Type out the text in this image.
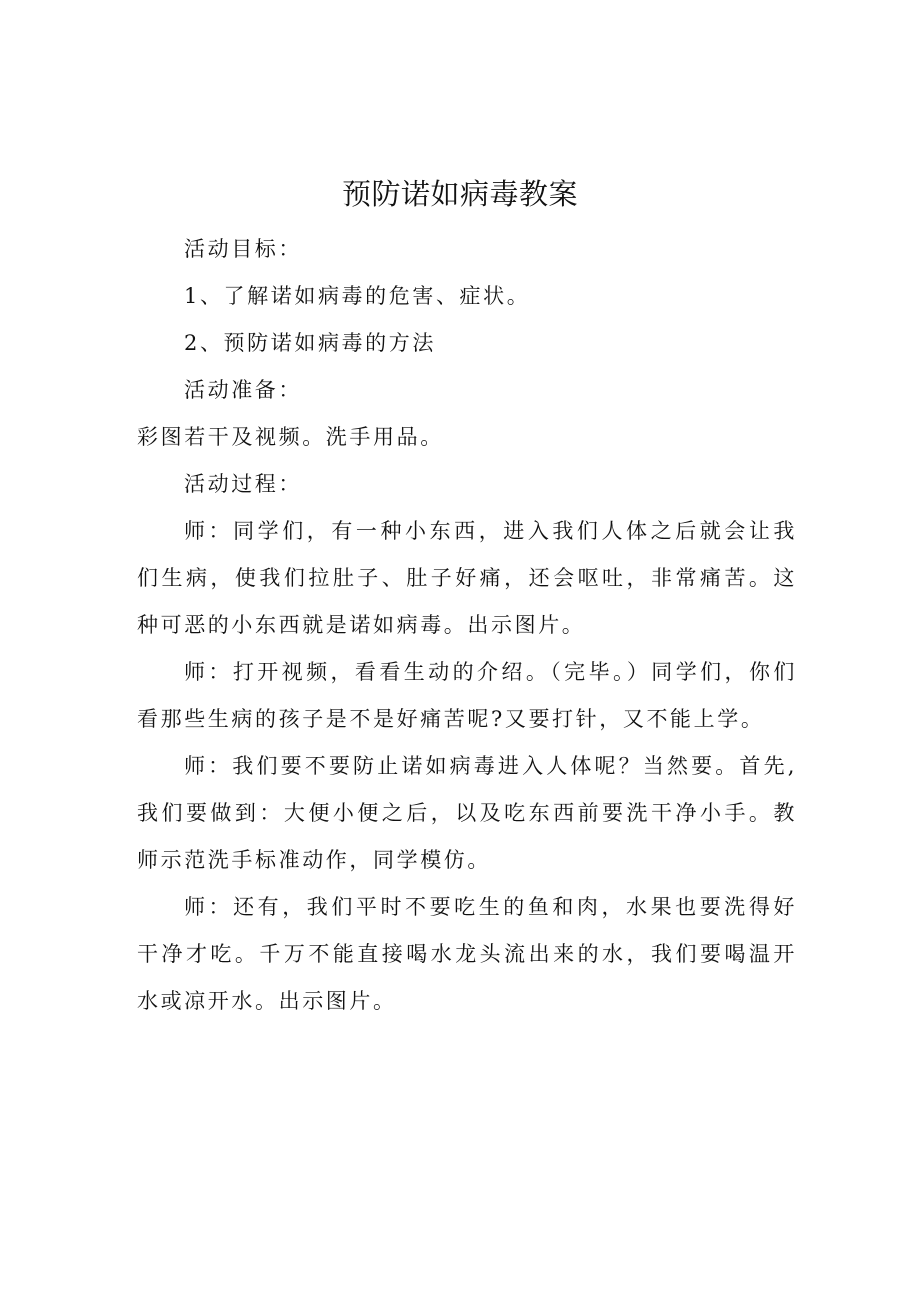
预防诺如病毒教案

活动目标：

1、了解诺如病毒的危害、症状。

2、预防诺如病毒的方法

活动准备：

彩图若干及视频。洗手用品。

活动过程：

师：同学们，有一种小东西，进入我们人体之后就会让我们生病，使我们拉肚子、肚子好痛，还会呕吐，非常痛苦。这种可恶的小东西就是诺如病毒。出示图片。

师：打开视频，看看生动的介绍。（完毕。）同学们，你们看那些生病的孩子是不是好痛苦呢?又要打针，又不能上学。

师：我们要不要防止诺如病毒进入人体呢？当然要。首先,我们要做到：大便小便之后，以及吃东西前要洗干净小手。教师示范洗手标准动作，同学模仿。

师：还有，我们平时不要吃生的鱼和肉，水果也要洗得好干净才吃。千万不能直接喝水龙头流出来的水，我们要喝温开水或凉开水。出示图片。
